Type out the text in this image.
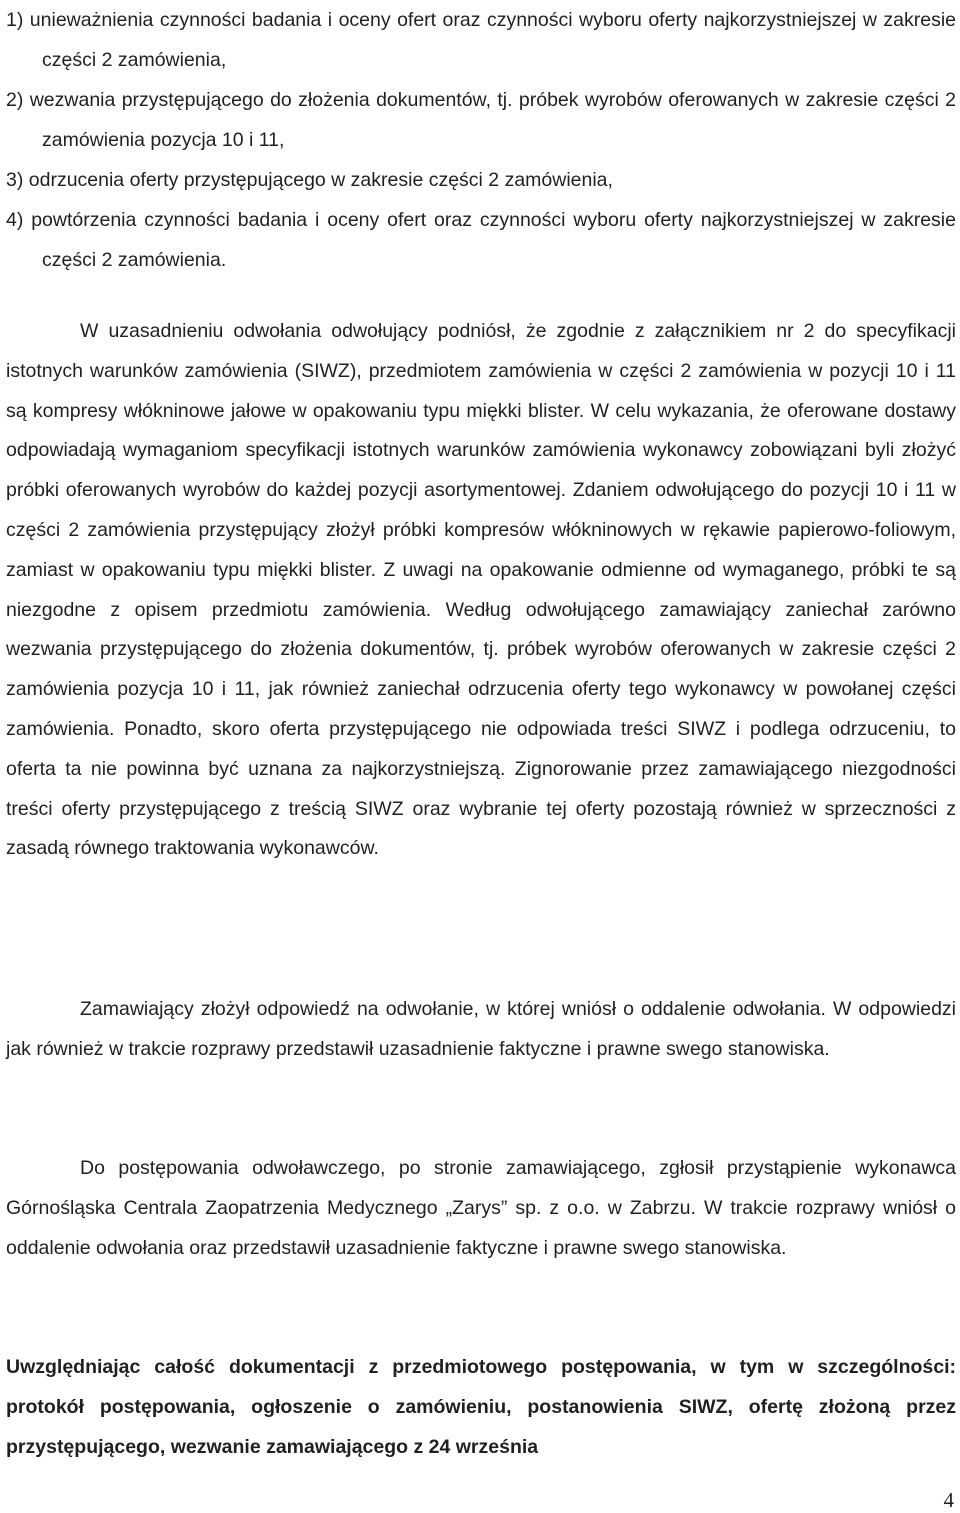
1) unieważnienia czynności badania i oceny ofert oraz czynności wyboru oferty najkorzystniejszej w zakresie części 2 zamówienia,
2) wezwania przystępującego do złożenia dokumentów, tj. próbek wyrobów oferowanych w zakresie części 2 zamówienia pozycja 10 i 11,
3) odrzucenia oferty przystępującego w zakresie części 2 zamówienia,
4) powtórzenia czynności badania i oceny ofert oraz czynności wyboru oferty najkorzystniejszej w zakresie części 2 zamówienia.

W uzasadnieniu odwołania odwołujący podniósł, że zgodnie z załącznikiem nr 2 do specyfikacji istotnych warunków zamówienia (SIWZ), przedmiotem zamówienia w części 2 zamówienia w pozycji 10 i 11 są kompresy włókninowe jałowe w opakowaniu typu miękki blister. W celu wykazania, że oferowane dostawy odpowiadają wymaganiom specyfikacji istotnych warunków zamówienia wykonawcy zobowiązani byli złożyć próbki oferowanych wyrobów do każdej pozycji asortymentowej. Zdaniem odwołującego do pozycji 10 i 11 w części 2 zamówienia przystępujący złożył próbki kompresów włókninowych w rękawie papierowo-foliowym, zamiast w opakowaniu typu miękki blister. Z uwagi na opakowanie odmienne od wymaganego, próbki te są niezgodne z opisem przedmiotu zamówienia. Według odwołującego zamawiający zaniechał zarówno wezwania przystępującego do złożenia dokumentów, tj. próbek wyrobów oferowanych w zakresie części 2 zamówienia pozycja 10 i 11, jak również zaniechał odrzucenia oferty tego wykonawcy w powołanej części zamówienia. Ponadto, skoro oferta przystępującego nie odpowiada treści SIWZ i podlega odrzuceniu, to oferta ta nie powinna być uznana za najkorzystniejszą. Zignorowanie przez zamawiającego niezgodności treści oferty przystępującego z treścią SIWZ oraz wybranie tej oferty pozostają również w sprzeczności z zasadą równego traktowania wykonawców.

Zamawiający złożył odpowiedź na odwołanie, w której wniósł o oddalenie odwołania. W odpowiedzi jak również w trakcie rozprawy przedstawił uzasadnienie faktyczne i prawne swego stanowiska.

Do postępowania odwoławczego, po stronie zamawiającego, zgłosił przystąpienie wykonawca Górnośląska Centrala Zaopatrzenia Medycznego „Zarys” sp. z o.o. w Zabrzu. W trakcie rozprawy wniósł o oddalenie odwołania oraz przedstawił uzasadnienie faktyczne i prawne swego stanowiska.

Uwzględniając całość dokumentacji z przedmiotowego postępowania, w tym w szczególności: protokół postępowania, ogłoszenie o zamówieniu, postanowienia SIWZ, ofertę złożoną przez przystępującego, wezwanie zamawiającego z 24 września

4
